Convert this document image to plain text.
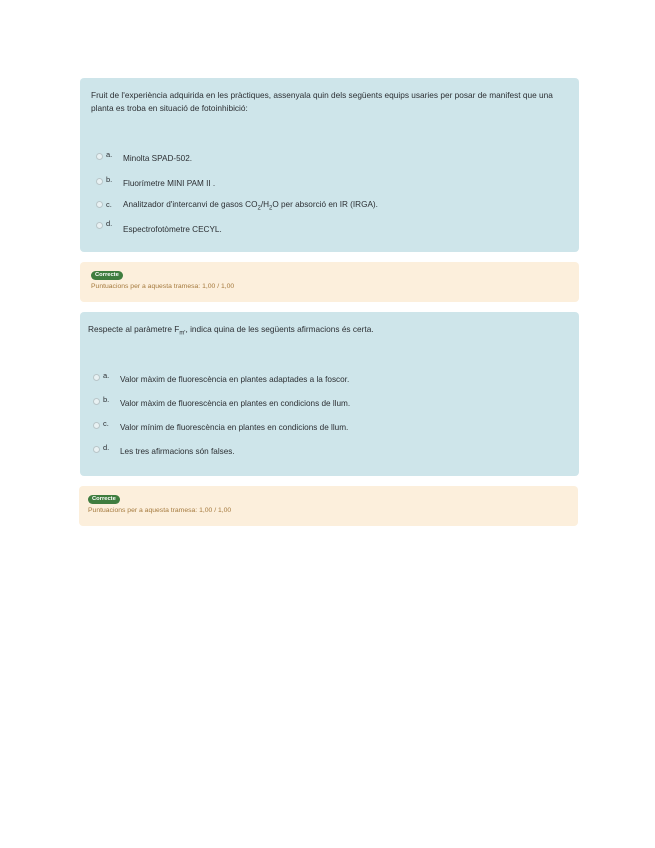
Fruit de l'experiència adquirida en les pràctiques, assenyala quin dels següents equips usaries per posar de manifest que una planta es troba en situació de fotoinhibició:
a. Minolta SPAD-502.
b. Fluorímetre MINI PAM II .
c. Analitzador d'intercanvi de gasos $CO_2/H_2O$ per absorció en IR (IRGA).
d.
Espectrofotòmetre CECYL.
Correcte
Puntuacions per a aquesta tramesa: 1,00 / 1,00
Respecte al paràmetre $F_{m'}$, indica quina de les següents afirmacions és certa.
a. Valor màxim de fluorescència en plantes adaptades a la foscor.
b. Valor màxim de fluorescència en plantes en condicions de llum.
c. Valor mínim de fluorescència en plantes en condicions de llum.
d. Les tres afirmacions són falses.
Correcte
Puntuacions per a aquesta tramesa: 1,00 / 1,00
